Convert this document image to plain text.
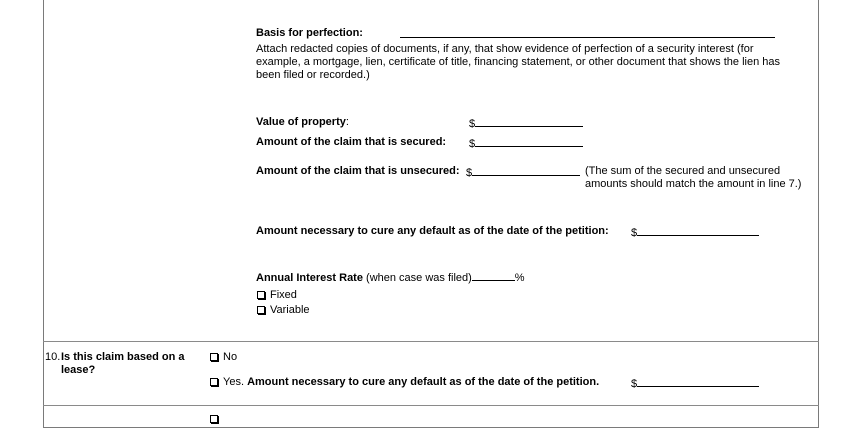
Basis for perfection:
Attach redacted copies of documents, if any, that show evidence of perfection of a security interest (for example, a mortgage, lien, certificate of title, financing statement, or other document that shows the lien has been filed or recorded.)
Value of property:	$
Amount of the claim that is secured: $
Amount of the claim that is unsecured: $	(The sum of the secured and unsecured amounts should match the amount in line 7.)
Amount necessary to cure any default as of the date of the petition: $
Annual Interest Rate (when case was filed)	%
Fixed
Variable
10. Is this claim based on a lease?
No
Yes. Amount necessary to cure any default as of the date of the petition.	$
